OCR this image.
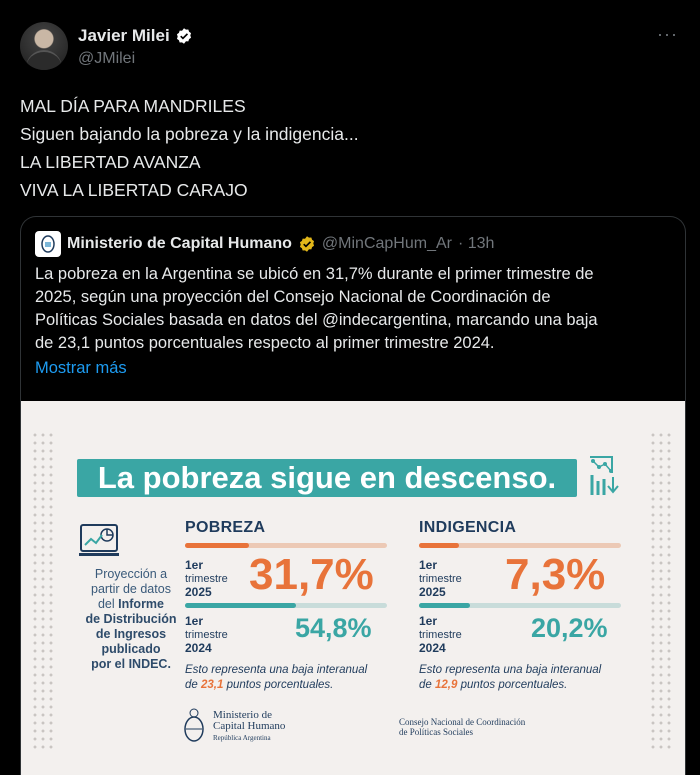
Javier Milei
@JMilei
···
MAL DÍA PARA MANDRILES
Siguen bajando la pobreza y la indigencia...
LA LIBERTAD AVANZA
VIVA LA LIBERTAD CARAJO
Ministerio de Capital Humano @MinCapHum_Ar · 13h
La pobreza en la Argentina se ubicó en 31,7% durante el primer trimestre de
2025, según una proyección del Consejo Nacional de Coordinación de
Políticas Sociales basada en datos del @indecargentina, marcando una baja
de 23,1 puntos porcentuales respecto al primer trimestre 2024.
Mostrar más
La pobreza sigue en descenso.
Proyección a
partir de datos
del Informe
de Distribución
de Ingresos
publicado
por el INDEC.
POBREZA
1er
trimestre
2025 31,7%
1er
trimestre
2024
54,8%
Esto representa una baja interanual
de 23,1 puntos porcentuales.
INDIGENCIA
1er
trimestre
2025	7,3%
1er
trimestre
2024
20,2%
Esto representa una baja interanual
de 12,9 puntos porcentuales.
Ministerio de
Capital Humano
República Argentina
Consejo Nacional de Coordinación
de Políticas Sociales
